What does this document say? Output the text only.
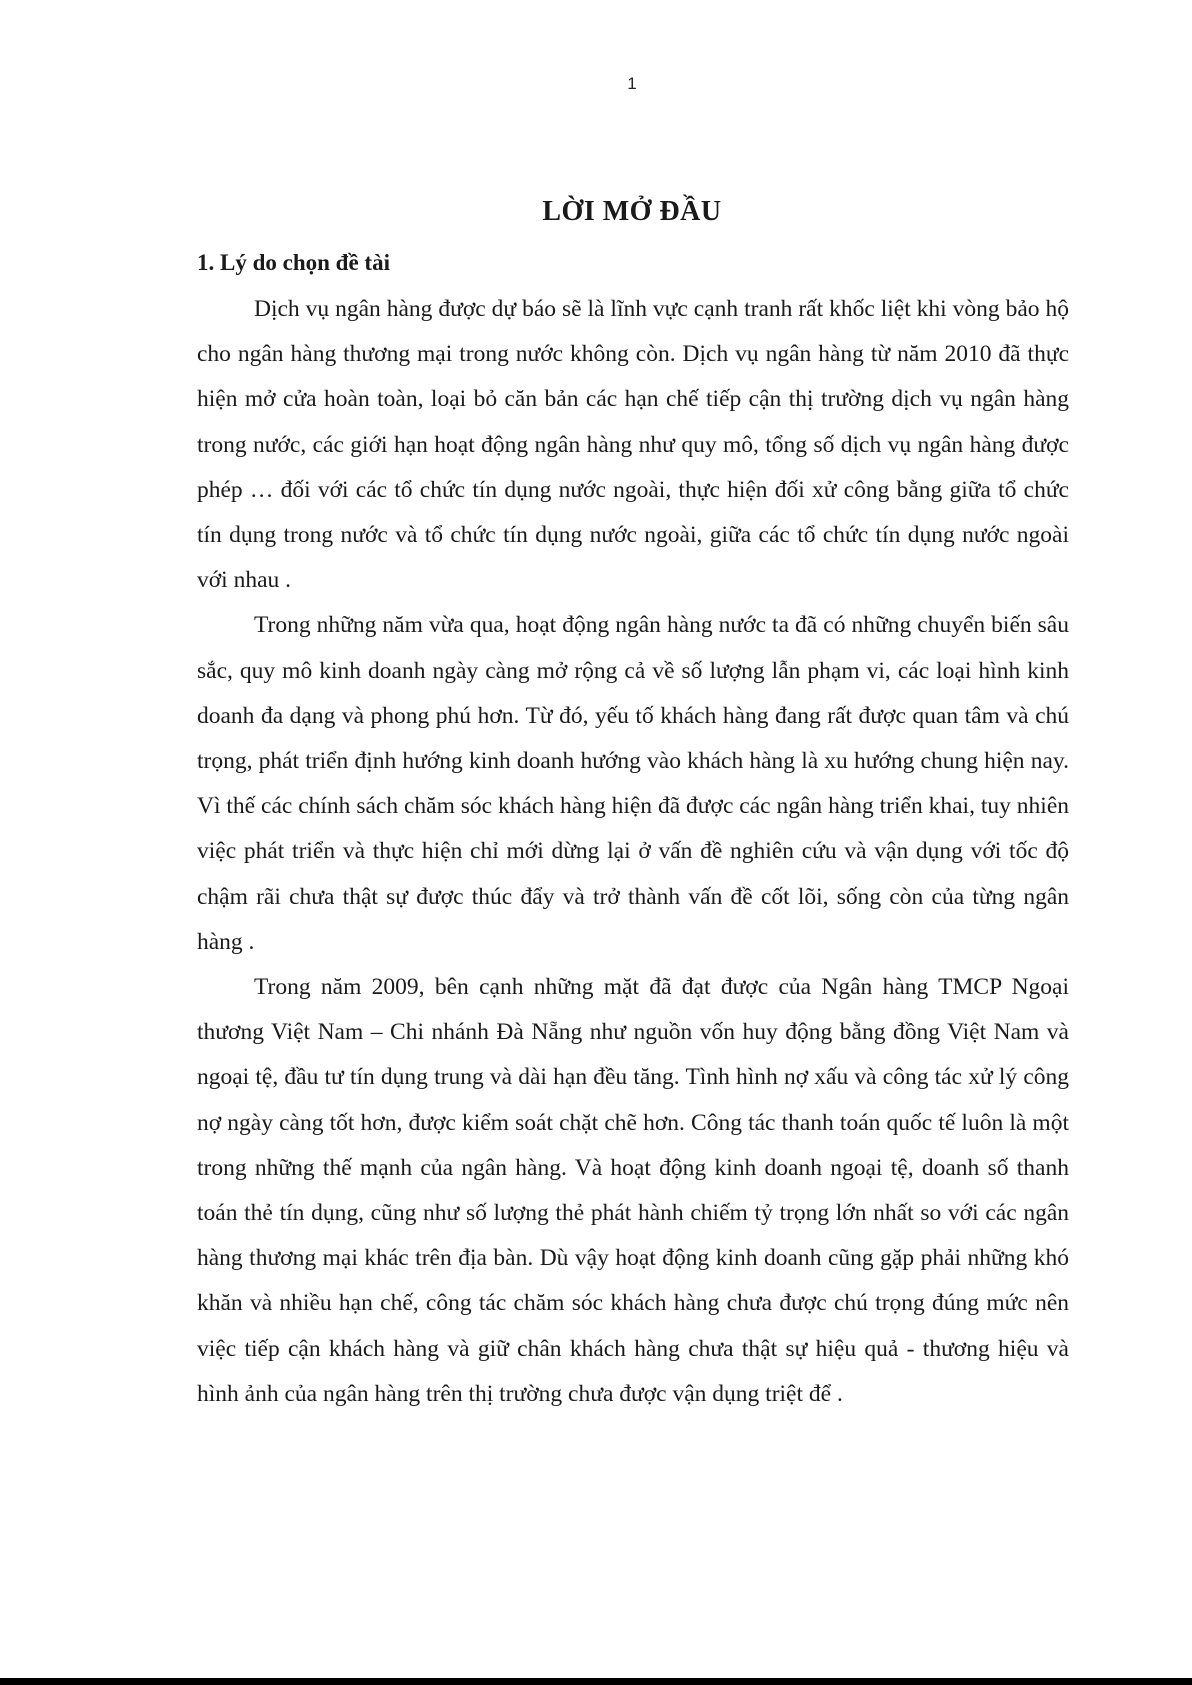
1
LỜI MỞ ĐẦU
1. Lý do chọn đề tài

Dịch vụ ngân hàng được dự báo sẽ là lĩnh vực cạnh tranh rất khốc liệt khi vòng bảo hộ cho ngân hàng thương mại trong nước không còn. Dịch vụ ngân hàng từ năm 2010 đã thực hiện mở cửa hoàn toàn, loại bỏ căn bản các hạn chế tiếp cận thị trường dịch vụ ngân hàng trong nước, các giới hạn hoạt động ngân hàng như quy mô, tổng số dịch vụ ngân hàng được phép … đối với các tổ chức tín dụng nước ngoài, thực hiện đối xử công bằng giữa tổ chức tín dụng trong nước và tổ chức tín dụng nước ngoài, giữa các tổ chức tín dụng nước ngoài với nhau .

Trong những năm vừa qua, hoạt động ngân hàng nước ta đã có những chuyển biến sâu sắc, quy mô kinh doanh ngày càng mở rộng cả về số lượng lẫn phạm vi, các loại hình kinh doanh đa dạng và phong phú hơn. Từ đó, yếu tố khách hàng đang rất được quan tâm và chú trọng, phát triển định hướng kinh doanh hướng vào khách hàng là xu hướng chung hiện nay. Vì thế các chính sách chăm sóc khách hàng hiện đã được các ngân hàng triển khai, tuy nhiên việc phát triển và thực hiện chỉ mới dừng lại ở vấn đề nghiên cứu và vận dụng với tốc độ chậm rãi chưa thật sự được thúc đẩy và trở thành vấn đề cốt lõi, sống còn của từng ngân hàng .

Trong năm 2009, bên cạnh những mặt đã đạt được của Ngân hàng TMCP Ngoại thương Việt Nam – Chi nhánh Đà Nẵng như nguồn vốn huy động bằng đồng Việt Nam và ngoại tệ, đầu tư tín dụng trung và dài hạn đều tăng. Tình hình nợ xấu và công tác xử lý công nợ ngày càng tốt hơn, được kiểm soát chặt chẽ hơn. Công tác thanh toán quốc tế luôn là một trong những thế mạnh của ngân hàng. Và hoạt động kinh doanh ngoại tệ, doanh số thanh toán thẻ tín dụng, cũng như số lượng thẻ phát hành chiếm tỷ trọng lớn nhất so với các ngân hàng thương mại khác trên địa bàn. Dù vậy hoạt động kinh doanh cũng gặp phải những khó khăn và nhiều hạn chế, công tác chăm sóc khách hàng chưa được chú trọng đúng mức nên việc tiếp cận khách hàng và giữ chân khách hàng chưa thật sự hiệu quả - thương hiệu và hình ảnh của ngân hàng trên thị trường chưa được vận dụng triệt để .
